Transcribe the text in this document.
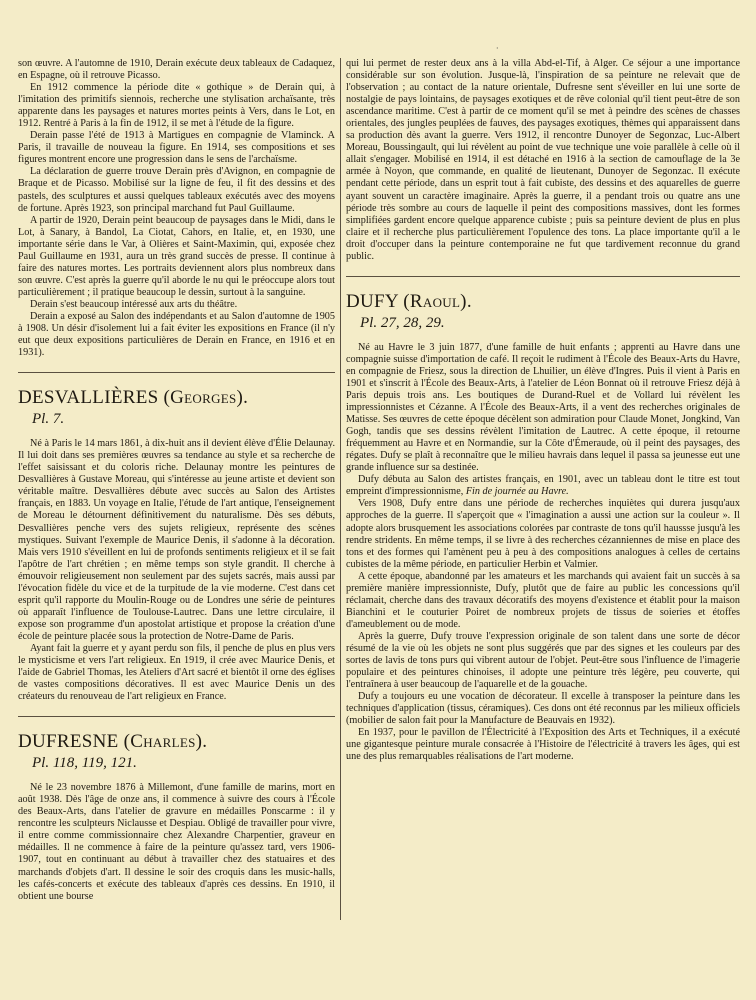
·

son œuvre. A l'automne de 1910, Derain exécute deux tableaux de Cadaquez, en Espagne, où il retrouve Picasso.

En 1912 commence la période dite « gothique » de Derain qui, à l'imitation des primitifs siennois, recherche une stylisation archaïsante, très apparente dans les paysages et natures mortes peints à Vers, dans le Lot, en 1912. Rentré à Paris à la fin de 1912, il se met à l'étude de la figure.

Derain passe l'été de 1913 à Martigues en compagnie de Vlaminck. A Paris, il travaille de nouveau la figure. En 1914, ses compositions et ses figures montrent encore une progression dans le sens de l'archaïsme.

La déclaration de guerre trouve Derain près d'Avignon, en compagnie de Braque et de Picasso. Mobilisé sur la ligne de feu, il fit des dessins et des pastels, des sculptures et aussi quelques tableaux exécutés avec des moyens de fortune. Après 1923, son principal marchand fut Paul Guillaume.

A partir de 1920, Derain peint beaucoup de paysages dans le Midi, dans le Lot, à Sanary, à Bandol, La Ciotat, Cahors, en Italie, et, en 1930, une importante série dans le Var, à Olières et Saint-Maximin, qui, exposée chez Paul Guillaume en 1931, aura un très grand succès de presse. Il continue à faire des natures mortes. Les portraits deviennent alors plus nombreux dans son œuvre. C'est après la guerre qu'il aborde le nu qui le préoccupe alors tout particulièrement ; il pratique beaucoup le dessin, surtout à la sanguine.

Derain s'est beaucoup intéressé aux arts du théâtre.

Derain a exposé au Salon des indépendants et au Salon d'automne de 1905 à 1908. Un désir d'isolement lui a fait éviter les expositions en France (il n'y eut que deux expositions particulières de Derain en France, en 1916 et en 1931).

DESVALLIÈRES (Georges).
Pl. 7.

Né à Paris le 14 mars 1861, à dix-huit ans il devient élève d'Élie Delaunay. Il lui doit dans ses premières œuvres sa tendance au style et sa recherche de l'effet saisissant et du coloris riche. Delaunay montre les peintures de Desvallières à Gustave Moreau, qui s'intéresse au jeune artiste et devient son véritable maître. Desvallières débute avec succès au Salon des Artistes français, en 1883. Un voyage en Italie, l'étude de l'art antique, l'enseignement de Moreau le détournent définitivement du naturalisme. Dès ses débuts, Desvallières penche vers des sujets religieux, représente des scènes mystiques. Suivant l'exemple de Maurice Denis, il s'adonne à la décoration. Mais vers 1910 s'éveillent en lui de profonds sentiments religieux et il se fait l'apôtre de l'art chrétien ; en même temps son style grandit. Il cherche à émouvoir religieusement non seulement par des sujets sacrés, mais aussi par l'évocation fidèle du vice et de la turpitude de la vie moderne. C'est dans cet esprit qu'il rapporte du Moulin-Rouge ou de Londres une série de peintures où apparaît l'influence de Toulouse-Lautrec. Dans une lettre circulaire, il expose son programme d'un apostolat artistique et propose la création d'une école de peinture placée sous la protection de Notre-Dame de Paris.

Ayant fait la guerre et y ayant perdu son fils, il penche de plus en plus vers le mysticisme et vers l'art religieux. En 1919, il crée avec Maurice Denis, et l'aide de Gabriel Thomas, les Ateliers d'Art sacré et bientôt il orne des églises de vastes compositions décoratives. Il est avec Maurice Denis un des créateurs du renouveau de l'art religieux en France.

DUFRESNE (Charles).
Pl. 118, 119, 121.

Né le 23 novembre 1876 à Millemont, d'une famille de marins, mort en août 1938. Dès l'âge de onze ans, il commence à suivre des cours à l'École des Beaux-Arts, dans l'atelier de gravure en médailles Ponscarme : il y rencontre les sculpteurs Niclausse et Despiau. Obligé de travailler pour vivre, il entre comme commissionnaire chez Alexandre Charpentier, graveur en médailles. Il ne commence à faire de la peinture qu'assez tard, vers 1906-1907, tout en continuant au début à travailler chez des statuaires et des marchands d'objets d'art. Il dessine le soir des croquis dans les music-halls, les cafés-concerts et exécute des tableaux d'après ces dessins. En 1910, il obtient une bourse

qui lui permet de rester deux ans à la villa Abd-el-Tif, à Alger. Ce séjour a une importance considérable sur son évolution. Jusque-là, l'inspiration de sa peinture ne relevait que de l'observation ; au contact de la nature orientale, Dufresne sent s'éveiller en lui une sorte de nostalgie de pays lointains, de paysages exotiques et de rêve colonial qu'il tient peut-être de son ascendance maritime. C'est à partir de ce moment qu'il se met à peindre des scènes de chasses orientales, des jungles peuplées de fauves, des paysages exotiques, thèmes qui apparaissent dans sa production dès avant la guerre. Vers 1912, il rencontre Dunoyer de Segonzac, Luc-Albert Moreau, Boussingault, qui lui révèlent au point de vue technique une voie parallèle à celle où il allait s'engager. Mobilisé en 1914, il est détaché en 1916 à la section de camouflage de la 3e armée à Noyon, que commande, en qualité de lieutenant, Dunoyer de Segonzac. Il exécute pendant cette période, dans un esprit tout à fait cubiste, des dessins et des aquarelles de guerre ayant souvent un caractère imaginaire. Après la guerre, il a pendant trois ou quatre ans une période très sombre au cours de laquelle il peint des compositions massives, dont les formes simplifiées gardent encore quelque apparence cubiste ; puis sa peinture devient de plus en plus claire et il recherche plus particulièrement l'opulence des tons. La place importante qu'il a le droit d'occuper dans la peinture contemporaine ne fut que tardivement reconnue du grand public.

DUFY (Raoul).
Pl. 27, 28, 29.

Né au Havre le 3 juin 1877, d'une famille de huit enfants ; apprenti au Havre dans une compagnie suisse d'importation de café. Il reçoit le rudiment à l'École des Beaux-Arts du Havre, en compagnie de Friesz, sous la direction de Lhuilier, un élève d'Ingres. Puis il vient à Paris en 1901 et s'inscrit à l'École des Beaux-Arts, à l'atelier de Léon Bonnat où il retrouve Friesz déjà à Paris depuis trois ans. Les boutiques de Durand-Ruel et de Vollard lui révèlent les impressionnistes et Cézanne. A l'École des Beaux-Arts, il a vent des recherches originales de Matisse. Ses œuvres de cette époque décèlent son admiration pour Claude Monet, Jongkind, Van Gogh, tandis que ses dessins révèlent l'imitation de Lautrec. A cette époque, il retourne fréquemment au Havre et en Normandie, sur la Côte d'Émeraude, où il peint des paysages, des régates. Dufy se plaît à reconnaître que le milieu havrais dans lequel il passa sa jeunesse eut une grande influence sur sa destinée.

Dufy débuta au Salon des artistes français, en 1901, avec un tableau dont le titre est tout empreint d'impressionnisme, Fin de journée au Havre.

Vers 1908, Dufy entre dans une période de recherches inquiètes qui durera jusqu'aux approches de la guerre. Il s'aperçoit que « l'imagination a aussi une action sur la couleur ». Il adopte alors brusquement les associations colorées par contraste de tons qu'il haussse jusqu'à les rendre stridents. En même temps, il se livre à des recherches cézanniennes de mise en place des tons et des formes qui l'amènent peu à peu à des compositions analogues à celles de certains cubistes de la même période, en particulier Herbin et Valmier.

A cette époque, abandonné par les amateurs et les marchands qui avaient fait un succès à sa première manière impressionniste, Dufy, plutôt que de faire au public les concessions qu'il réclamait, cherche dans des travaux décoratifs des moyens d'existence et établit pour la maison Bianchini et le couturier Poiret de nombreux projets de tissus de soieries et étoffes d'ameublement ou de mode.

Après la guerre, Dufy trouve l'expression originale de son talent dans une sorte de décor résumé de la vie où les objets ne sont plus suggérés que par des signes et les couleurs par des sortes de lavis de tons purs qui vibrent autour de l'objet. Peut-être sous l'influence de l'imagerie populaire et des peintures chinoises, il adopte une peinture très légère, peu couverte, qui l'entraînera à user beaucoup de l'aquarelle et de la gouache.

Dufy a toujours eu une vocation de décorateur. Il excelle à transposer la peinture dans les techniques d'application (tissus, céramiques). Ces dons ont été reconnus par les milieux officiels (mobilier de salon fait pour la Manufacture de Beauvais en 1932).

En 1937, pour le pavillon de l'Électricité à l'Exposition des Arts et Techniques, il a exécuté une gigantesque peinture murale consacrée à l'Histoire de l'électricité à travers les âges, qui est une des plus remarquables réalisations de l'art moderne.
